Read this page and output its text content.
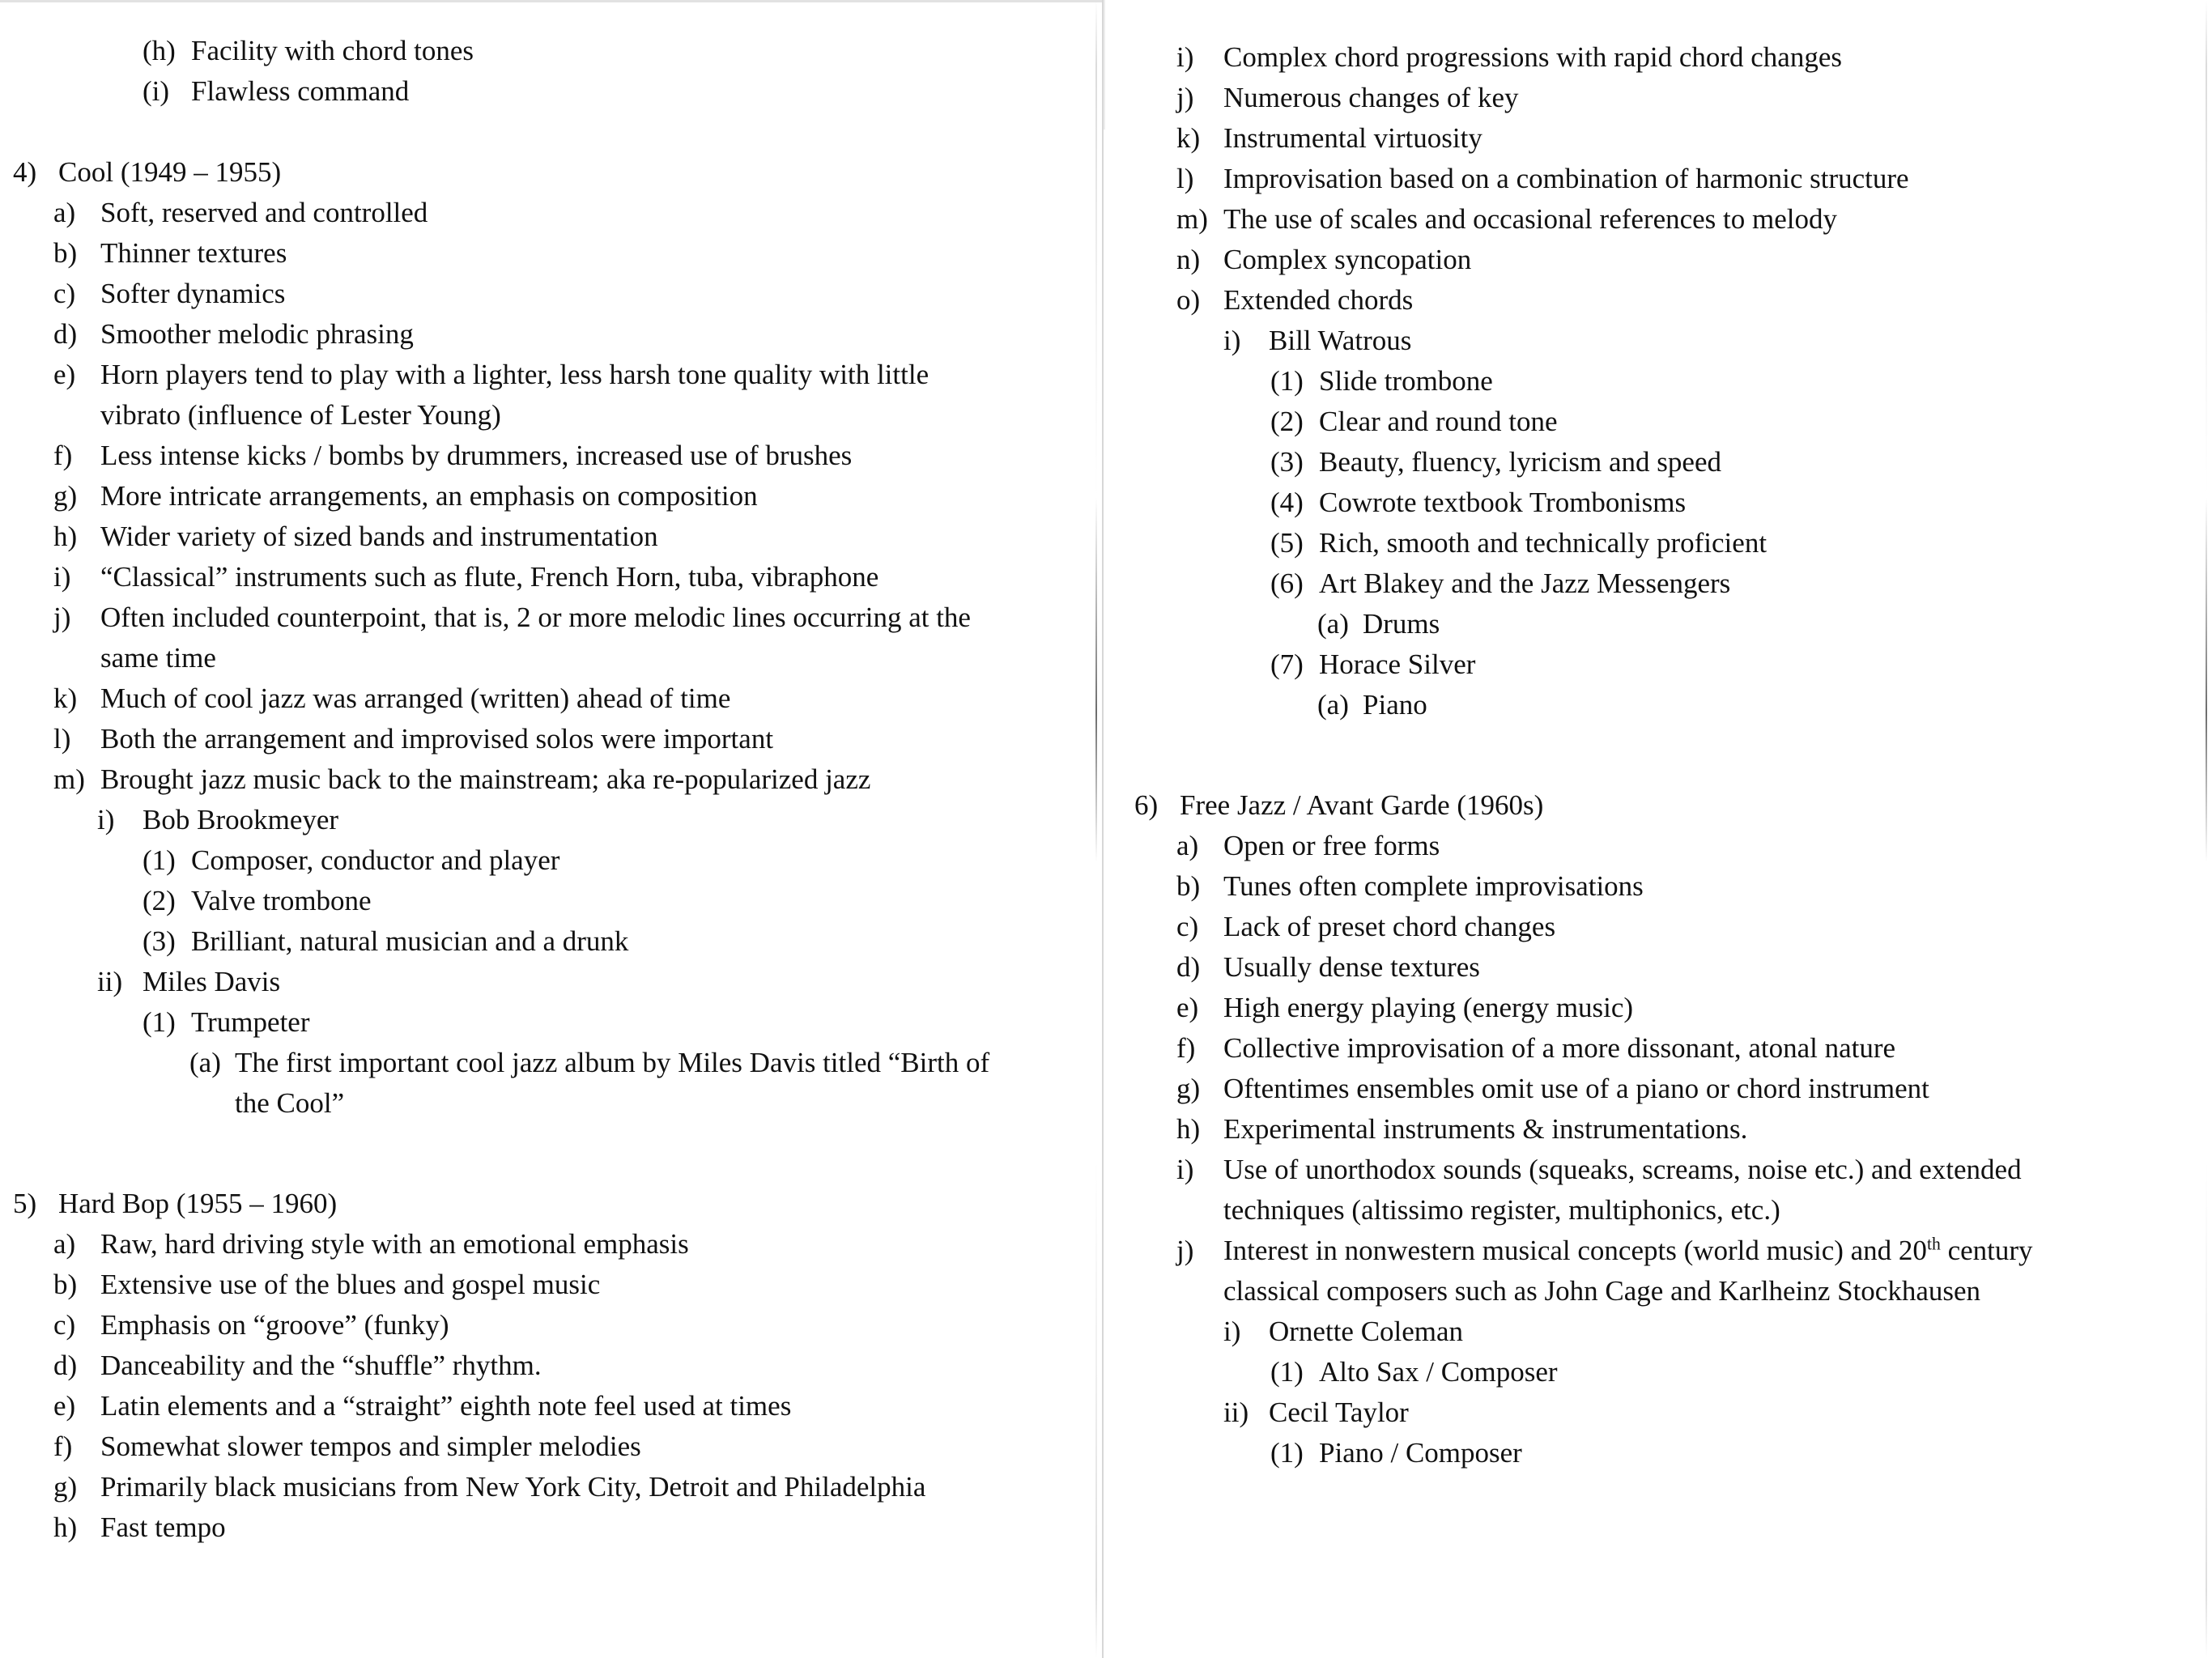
(h) Facility with chord tones
(i) Flawless command
4) Cool (1949 – 1955)
a) Soft, reserved and controlled
b) Thinner textures
c) Softer dynamics
d) Smoother melodic phrasing
e) Horn players tend to play with a lighter, less harsh tone quality with little
vibrato (influence of Lester Young)
f) Less intense kicks / bombs by drummers, increased use of brushes
g) More intricate arrangements, an emphasis on composition
h) Wider variety of sized bands and instrumentation
i)	“Classical” instruments such as flute, French Horn, tuba, vibraphone
j)	Often included counterpoint, that is, 2 or more melodic lines occurring at the
same time
k) Much of cool jazz was arranged (written) ahead of time
l)	Both the arrangement and improvised solos were important
m) Brought jazz music back to the mainstream; aka re-popularized jazz
i) Bob Brookmeyer
(1) Composer, conductor and player
(2) Valve trombone
(3) Brilliant, natural musician and a drunk
ii) Miles Davis
(1) Trumpeter
(a) The first important cool jazz album by Miles Davis titled “Birth of
the Cool”
5) Hard Bop (1955 – 1960)
a) Raw, hard driving style with an emotional emphasis
b) Extensive use of the blues and gospel music
c) Emphasis on “groove” (funky)
d) Danceability and the “shuffle” rhythm.
e) Latin elements and a “straight” eighth note feel used at times
f) Somewhat slower tempos and simpler melodies
g) Primarily black musicians from New York City, Detroit and Philadelphia
h) Fast tempo
i)	Complex chord progressions with rapid chord changes
j)	Numerous changes of key
k) Instrumental virtuosity
l)	Improvisation based on a combination of harmonic structure
m) The use of scales and occasional references to melody
n) Complex syncopation
o) Extended chords
i) Bill Watrous
(1) Slide trombone
(2) Clear and round tone
(3) Beauty, fluency, lyricism and speed
(4) Cowrote textbook Trombonisms
(5) Rich, smooth and technically proficient
(6) Art Blakey and the Jazz Messengers
(a) Drums
(7) Horace Silver
(a) Piano
6) Free Jazz / Avant Garde (1960s)
a) Open or free forms
b) Tunes often complete improvisations
c) Lack of preset chord changes
d) Usually dense textures
e) High energy playing (energy music)
f) Collective improvisation of a more dissonant, atonal nature
g) Oftentimes ensembles omit use of a piano or chord instrument
h) Experimental instruments & instrumentations.
i)	Use of unorthodox sounds (squeaks, screams, noise etc.) and extended
techniques (altissimo register, multiphonics, etc.)
j)	Interest in nonwestern musical concepts (world music) and 20th century
classical composers such as John Cage and Karlheinz Stockhausen
i) Ornette Coleman
(1) Alto Sax / Composer
ii) Cecil Taylor
(1) Piano / Composer
